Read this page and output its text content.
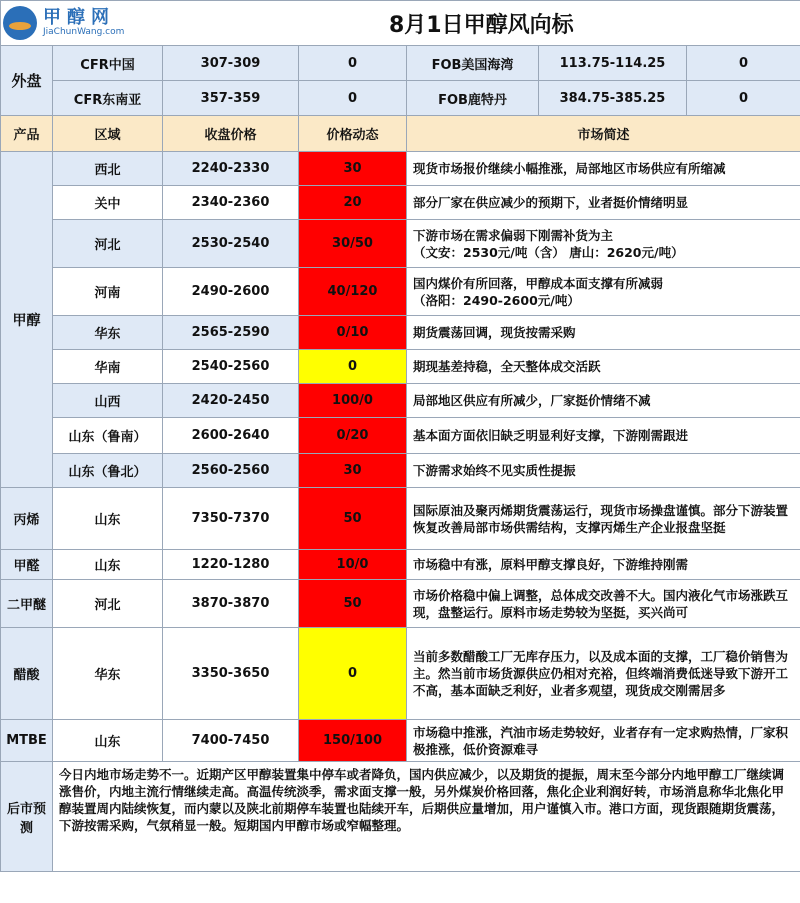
甲醇网
JiaChunWang.com		8月1日甲醇风向标				
外盘	CFR中国	307-309	0	FOB美国海湾	113.75-114.25	0
	CFR东南亚	357-359	0	FOB鹿特丹	384.75-385.25	0
产品	区域	收盘价格	价格动态	市场简述		
甲醇	西北	2240-2330	30	现货市场报价继续小幅推涨，局部地区市场供应有所缩减		
	关中	2340-2360	20	部分厂家在供应减少的预期下，业者挺价情绪明显		
	河北	2530-2540	30/50	下游市场在需求偏弱下刚需补货为主
（文安：2530元/吨（含） 唐山：2620元/吨）		
	河南	2490-2600	40/120	国内煤价有所回落，甲醇成本面支撑有所减弱
（洛阳：2490-2600元/吨）		
	华东	2565-2590	0/10	期货震荡回调，现货按需采购		
	华南	2540-2560	0	期现基差持稳，全天整体成交活跃		
	山西	2420-2450	100/0	局部地区供应有所减少，厂家挺价情绪不减		
	山东（鲁南）	2600-2640	0/20	基本面方面依旧缺乏明显利好支撑，下游刚需跟进		
	山东（鲁北）	2560-2560	30	下游需求始终不见实质性提振		
丙烯	山东	7350-7370	50	国际原油及聚丙烯期货震荡运行，现货市场操盘谨慎。部分下游装置恢复改善局部市场供需结构，支撑丙烯生产企业报盘坚挺		
甲醛	山东	1220-1280	10/0	市场稳中有涨，原料甲醇支撑良好，下游维持刚需		
二甲醚	河北	3870-3870	50	市场价格稳中偏上调整，总体成交改善不大。国内液化气市场涨跌互现，盘整运行。原料市场走势较为坚挺，买兴尚可		
醋酸	华东	3350-3650	0	当前多数醋酸工厂无库存压力，以及成本面的支撑，工厂稳价销售为主。然当前市场货源供应仍相对充裕，但终端消费低迷导致下游开工不高，基本面缺乏利好，业者多观望，现货成交刚需居多		
MTBE	山东	7400-7450	150/100	市场稳中推涨，汽油市场走势较好，业者存有一定求购热情，厂家积极推涨，低价资源难寻		
后市预测	今日内地市场走势不一。近期产区甲醇装置集中停车或者降负，国内供应减少，以及期货的提振，周末至今部分内地甲醇工厂继续调涨售价，内地主流行情继续走高。高温传统淡季，需求面支撑一般，另外煤炭价格回落，焦化企业利润好转，市场消息称华北焦化甲醇装置周内陆续恢复，而内蒙以及陕北前期停车装置也陆续开车，后期供应量增加，用户谨慎入市。港口方面，现货跟随期货震荡，下游按需采购，气氛稍显一般。短期国内甲醇市场或窄幅整理。					
